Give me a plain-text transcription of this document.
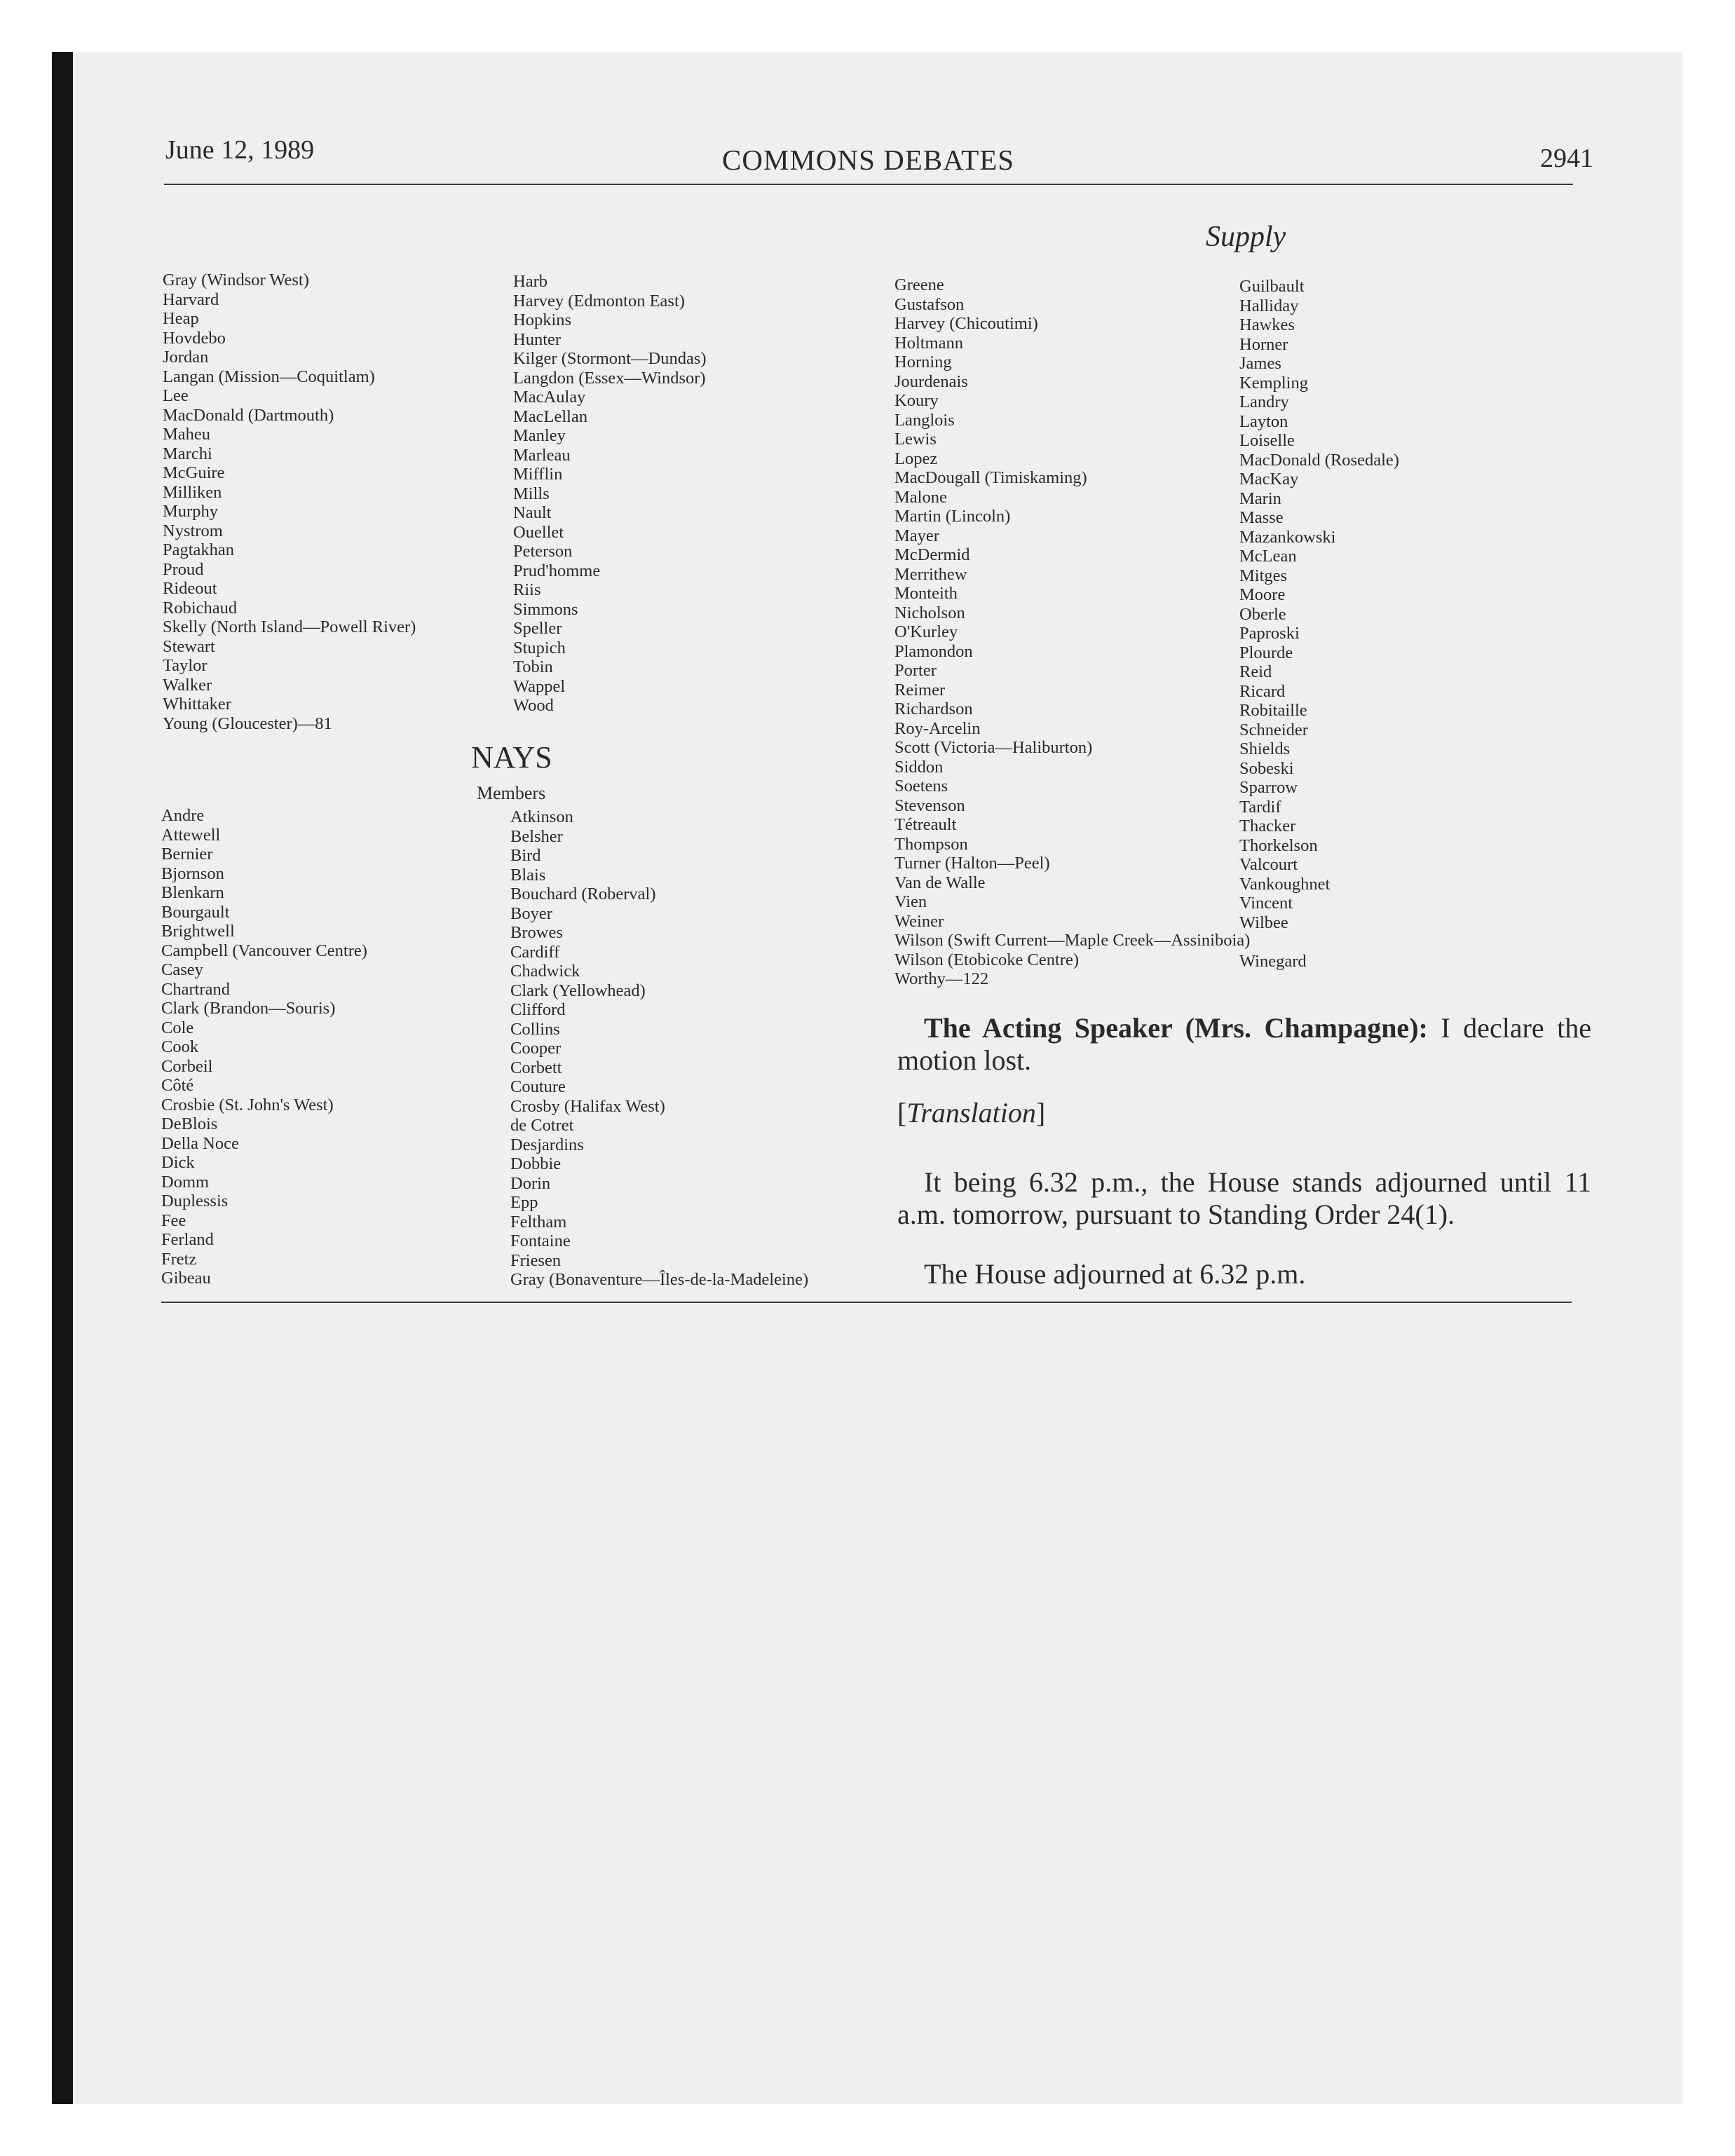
June 12, 1989	COMMONS DEBATES	2941
Supply
Gray (Windsor West)
Harvard
Heap
Hovdebo
Jordan
Langan (Mission—Coquitlam)
Lee
MacDonald (Dartmouth)
Maheu
Marchi
McGuire
Milliken
Murphy
Nystrom
Pagtakhan
Proud
Rideout
Robichaud
Skelly (North Island—Powell River)
Stewart
Taylor
Walker
Whittaker
Young (Gloucester)—81
Harb
Harvey (Edmonton East)
Hopkins
Hunter
Kilger (Stormont—Dundas)
Langdon (Essex—Windsor)
MacAulay
MacLellan
Manley
Marleau
Mifflin
Mills
Nault
Ouellet
Peterson
Prud'homme
Riis
Simmons
Speller
Stupich
Tobin
Wappel
Wood
NAYS
Members
Andre
Attewell
Bernier
Bjornson
Blenkarn
Bourgault
Brightwell
Campbell (Vancouver Centre)
Casey
Chartrand
Clark (Brandon—Souris)
Cole
Cook
Corbeil
Côté
Crosbie (St. John's West)
DeBlois
Della Noce
Dick
Domm
Duplessis
Fee
Ferland
Fretz
Gibeau
Atkinson
Belsher
Bird
Blais
Bouchard (Roberval)
Boyer
Browes
Cardiff
Chadwick
Clark (Yellowhead)
Clifford
Collins
Cooper
Corbett
Couture
Crosby (Halifax West)
de Cotret
Desjardins
Dobbie
Dorin
Epp
Feltham
Fontaine
Friesen
Gray (Bonaventure—Îles-de-la-Madeleine)
Greene
Gustafson
Harvey (Chicoutimi)
Holtmann
Horning
Jourdenais
Koury
Langlois
Lewis
Lopez
MacDougall (Timiskaming)
Malone
Martin (Lincoln)
Mayer
McDermid
Merrithew
Monteith
Nicholson
O'Kurley
Plamondon
Porter
Reimer
Richardson
Roy-Arcelin
Scott (Victoria—Haliburton)
Siddon
Soetens
Stevenson
Tétreault
Thompson
Turner (Halton—Peel)
Van de Walle
Vien
Weiner
Wilson (Swift Current—Maple Creek—Assiniboia)
Wilson (Etobicoke Centre)
Worthy—122
Guilbault
Halliday
Hawkes
Horner
James
Kempling
Landry
Layton
Loiselle
MacDonald (Rosedale)
MacKay
Marin
Masse
Mazankowski
McLean
Mitges
Moore
Oberle
Paproski
Plourde
Reid
Ricard
Robitaille
Schneider
Shields
Sobeski
Sparrow
Tardif
Thacker
Thorkelson
Valcourt
Vankoughnet
Vincent
Wilbee

Winegard
The Acting Speaker (Mrs. Champagne): I declare the motion lost.
[Translation]
It being 6.32 p.m., the House stands adjourned until 11 a.m. tomorrow, pursuant to Standing Order 24(1).
The House adjourned at 6.32 p.m.
